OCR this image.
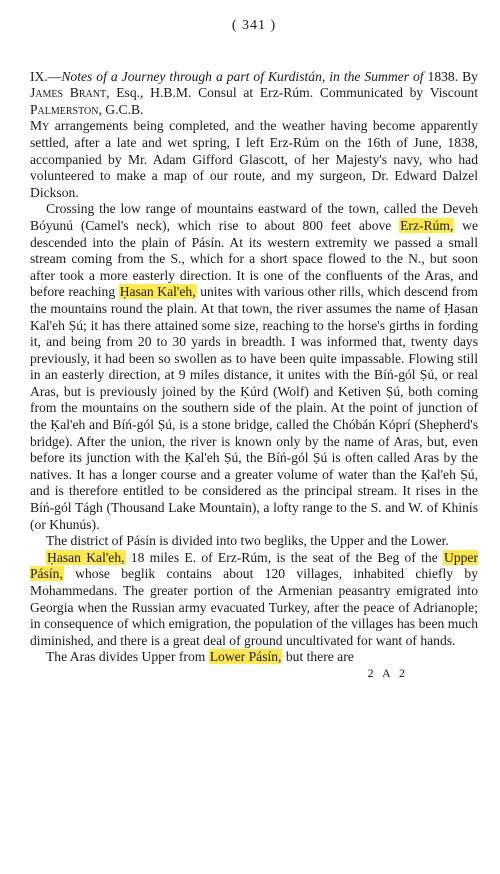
( 341 )

IX.—Notes of a Journey through a part of Kurdistán, in the Summer of 1838. By James Brant, Esq., H.B.M. Consul at Erz-Rúm. Communicated by Viscount Palmerston, G.C.B.

My arrangements being completed, and the weather having become apparently settled, after a late and wet spring, I left Erz-Rúm on the 16th of June, 1838, accompanied by Mr. Adam Gifford Glascott, of her Majesty's navy, who had volunteered to make a map of our route, and my surgeon, Dr. Edward Dalzel Dickson.

Crossing the low range of mountains eastward of the town, called the Deveh Bóyunú (Camel's neck), which rise to about 800 feet above Erz-Rúm, we descended into the plain of Pásín. At its western extremity we passed a small stream coming from the S., which for a short space flowed to the N., but soon after took a more easterly direction. It is one of the confluents of the Aras, and before reaching Ḥasan Kal'eh, unites with various other rills, which descend from the mountains round the plain. At that town, the river assumes the name of Ḥasan Kal'eh Ṣú; it has there attained some size, reaching to the horse's girths in fording it, and being from 20 to 30 yards in breadth. I was informed that, twenty days previously, it had been so swollen as to have been quite impassable. Flowing still in an easterly direction, at 9 miles distance, it unites with the Bíń-gól Ṣú, or real Aras, but is previously joined by the Ḳúrd (Wolf) and Ketiven Ṣú, both coming from the mountains on the southern side of the plain. At the point of junction of the Ḳal'eh and Bíń-gól Ṣú, is a stone bridge, called the Chóbán Kóprí (Shepherd's bridge). After the union, the river is known only by the name of Aras, but, even before its junction with the Ḳal'eh Ṣú, the Bíń-gól Ṣú is often called Aras by the natives. It has a longer course and a greater volume of water than the Ḳal'eh Ṣú, and is therefore entitled to be considered as the principal stream. It rises in the Bíń-gól Tágh (Thousand Lake Mountain), a lofty range to the S. and W. of Khinís (or Khunús).

The district of Pásín is divided into two begliks, the Upper and the Lower.

Ḥasan Kal'eh, 18 miles E. of Erz-Rúm, is the seat of the Beg of the Upper Pásín, whose beglik contains about 120 villages, inhabited chiefly by Mohammedans. The greater portion of the Armenian peasantry emigrated into Georgia when the Russian army evacuated Turkey, after the peace of Adrianople; in consequence of which emigration, the population of the villages has been much diminished, and there is a great deal of ground uncultivated for want of hands.

The Aras divides Upper from Lower Pásín, but there are

2 A 2
